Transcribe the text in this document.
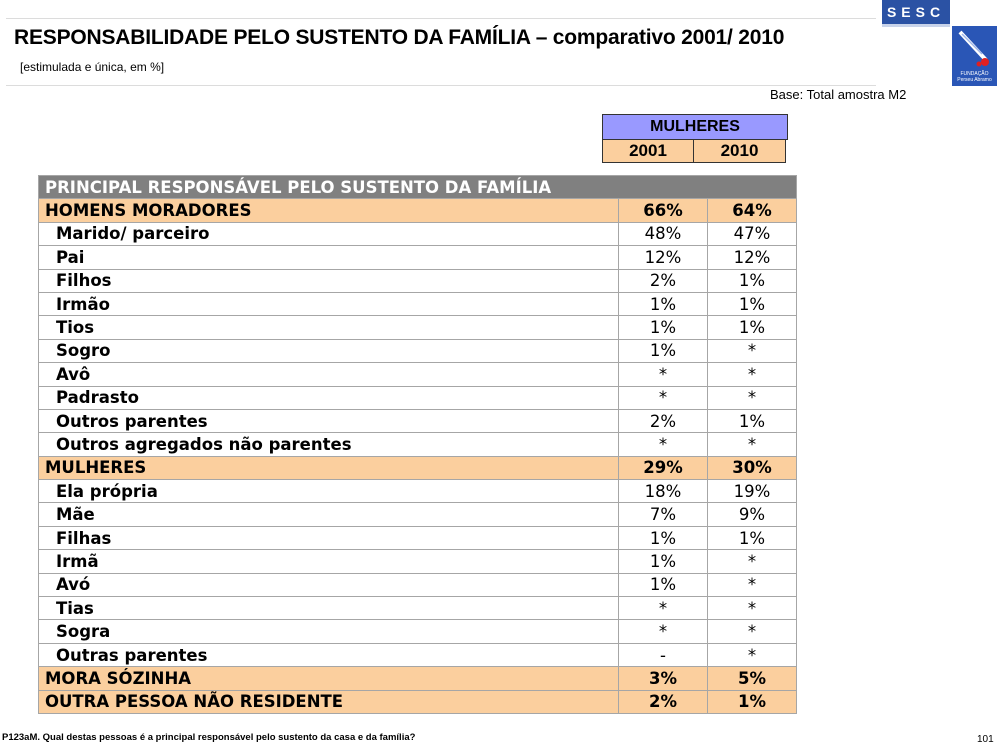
RESPONSABILIDADE PELO SUSTENTO DA FAMÍLIA – comparativo 2001/ 2010
[estimulada e única, em %]
SESC
FUNDAÇÃO Perseu Abramo
Base: Total amostra M2
MULHERES
2001	2010
PRINCIPAL RESPONSÁVEL PELO SUSTENTO DA FAMÍLIA		
HOMENS MORADORES	66%	64%
Marido/ parceiro	48%	47%
Pai	12%	12%
Filhos	2%	1%
Irmão	1%	1%
Tios	1%	1%
Sogro	1%	*
Avô	*	*
Padrasto	*	*
Outros parentes	2%	1%
Outros agregados não parentes	*	*
MULHERES	29%	30%
Ela própria	18%	19%
Mãe	7%	9%
Filhas	1%	1%
Irmã	1%	*
Avó	1%	*
Tias	*	*
Sogra	*	*
Outras parentes	-	*
MORA SÓZINHA	3%	5%
OUTRA PESSOA NÃO RESIDENTE	2%	1%
P123aM. Qual destas pessoas é a principal responsável pelo sustento da casa e da família?	101
